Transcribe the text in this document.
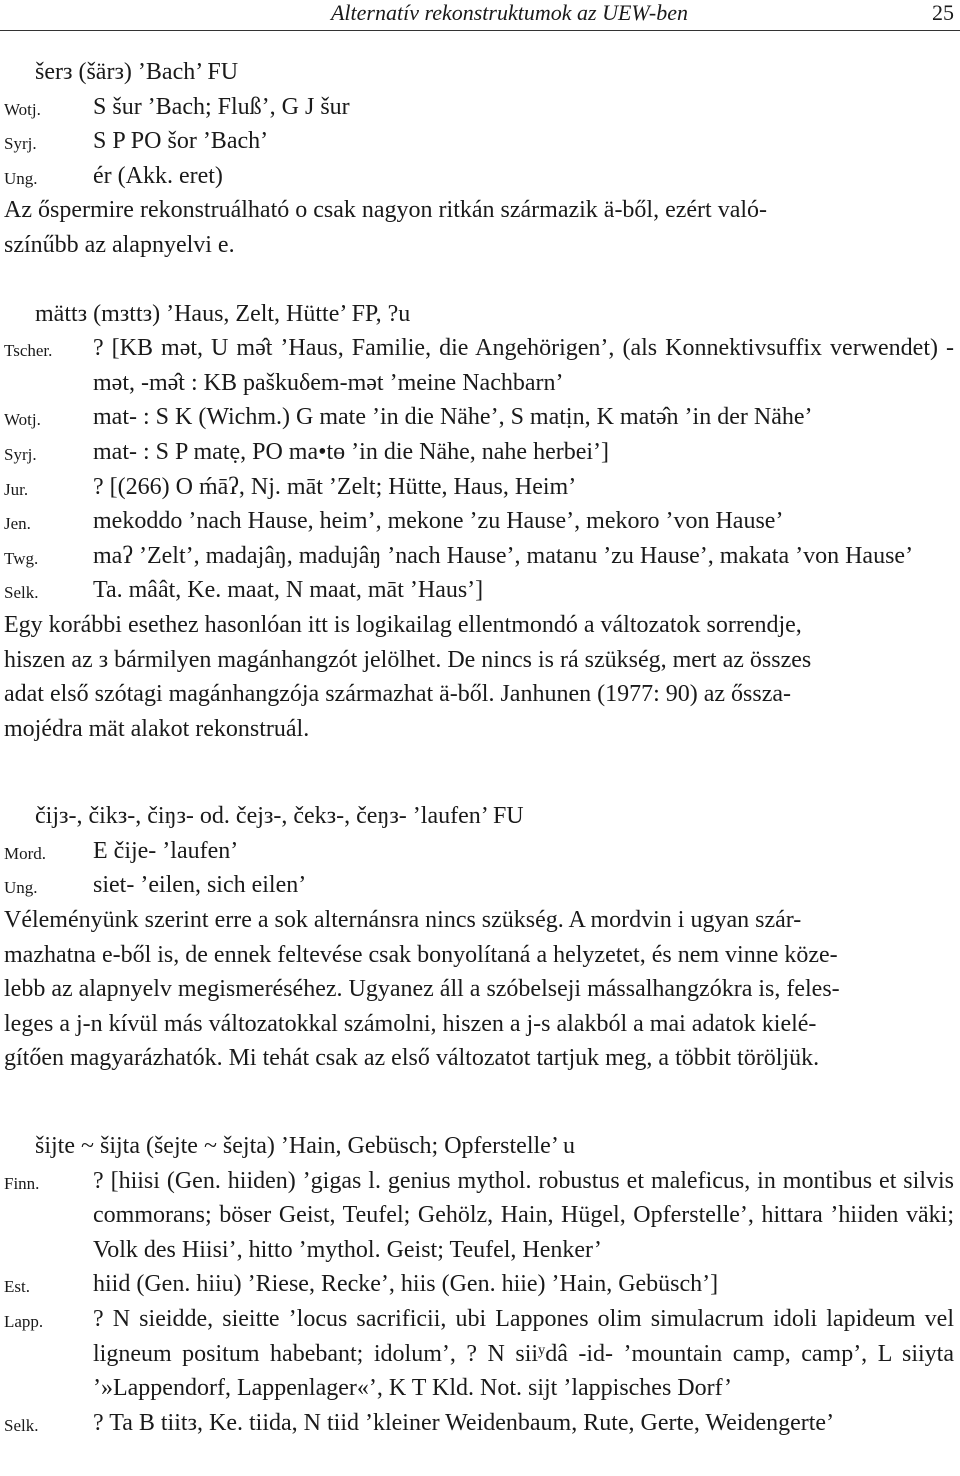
Alternatív rekonstruktumok az UEW-ben	25
šerз (šärз) ’Bach’ FU
Wotj.	S šur ’Bach; Fluß’, G J šur
Syrj.	S P PO šor ’Bach’
Ung.	ér (Akk. eret)
Az őspermire rekonstruálható o csak nagyon ritkán származik ä-ből, ezért való-
színűbb az alapnyelvi e.
mättз (mзttз) ’Haus, Zelt, Hütte’ FP, ?u
Tscher.	? [KB mət, U mə̂t ’Haus, Familie, die Angehörigen’, (als Konnektivsuffix verwendet) -mət, -mə̂t : KB paškuδem-mət ’meine Nachbarn’
Wotj.	mat- : S K (Wichm.) G mate ’in die Nähe’, S matịn, K matə̂n ’in der Nähe’
Syrj.	mat- : S P matẹ, PO ma•tө ’in die Nähe, nahe herbei’]
Jur.	? [(266) O ḿāʔ, Nj. māt ’Zelt; Hütte, Haus, Heim’
Jen.	mekoddo ’nach Hause, heim’, mekone ’zu Hause’, mekoro ’von Hause’
Twg.	maʔ ’Zelt’, madajâŋ, madujâŋ ’nach Hause’, matanu ’zu Hause’, makata ’von Hause’
Selk.	Ta. mâât, Ke. maat, N maat, māt ’Haus’]
Egy korábbi esethez hasonlóan itt is logikailag ellentmondó a változatok sorrendje,
hiszen az з bármilyen magánhangzót jelölhet. De nincs is rá szükség, mert az összes
adat első szótagi magánhangzója származhat ä-ből. Janhunen (1977: 90) az őssza-
mojédra mät alakot rekonstruál.
čijз-, čikз-, čiŋз- od. čejз-, čekз-, čeŋз- ’laufen’ FU
Mord.	E čije- ’laufen’
Ung.	siet- ’eilen, sich eilen’
Véleményünk szerint erre a sok alternánsra nincs szükség. A mordvin i ugyan szár-
mazhatna e-ből is, de ennek feltevése csak bonyolítaná a helyzetet, és nem vinne köze-
lebb az alapnyelv megismeréséhez. Ugyanez áll a szóbelseji mássalhangzókra is, feles-
leges a j-n kívül más változatokkal számolni, hiszen a j-s alakból a mai adatok kielé-
gítően magyarázhatók. Mi tehát csak az első változatot tartjuk meg, a többit töröljük.
šijte ~ šijta (šejte ~ šejta) ’Hain, Gebüsch; Opferstelle’ u
Finn.	? [hiisi (Gen. hiiden) ’gigas l. genius mythol. robustus et maleficus, in montibus et silvis commorans; böser Geist, Teufel; Gehölz, Hain, Hügel, Opferstelle’, hittara ’hiiden väki; Volk des Hiisi’, hitto ’mythol. Geist; Teufel, Henker’
Est.	hiid (Gen. hiiu) ’Riese, Recke’, hiis (Gen. hiie) ’Hain, Gebüsch’]
Lapp.	? N sieidde, sieitte ’locus sacrificii, ubi Lappones olim simulacrum idoli lapideum vel ligneum positum habebant; idolum’, ? N siiʸdâ -id- ’mountain camp, camp’, L siiyta ’»Lappendorf, Lappenlager«’, K T Kld. Not. sijt ’lappisches Dorf’
Selk.	? Ta B tiitз, Ke. tiida, N tiid ’kleiner Weidenbaum, Rute, Gerte, Weidengerte’
